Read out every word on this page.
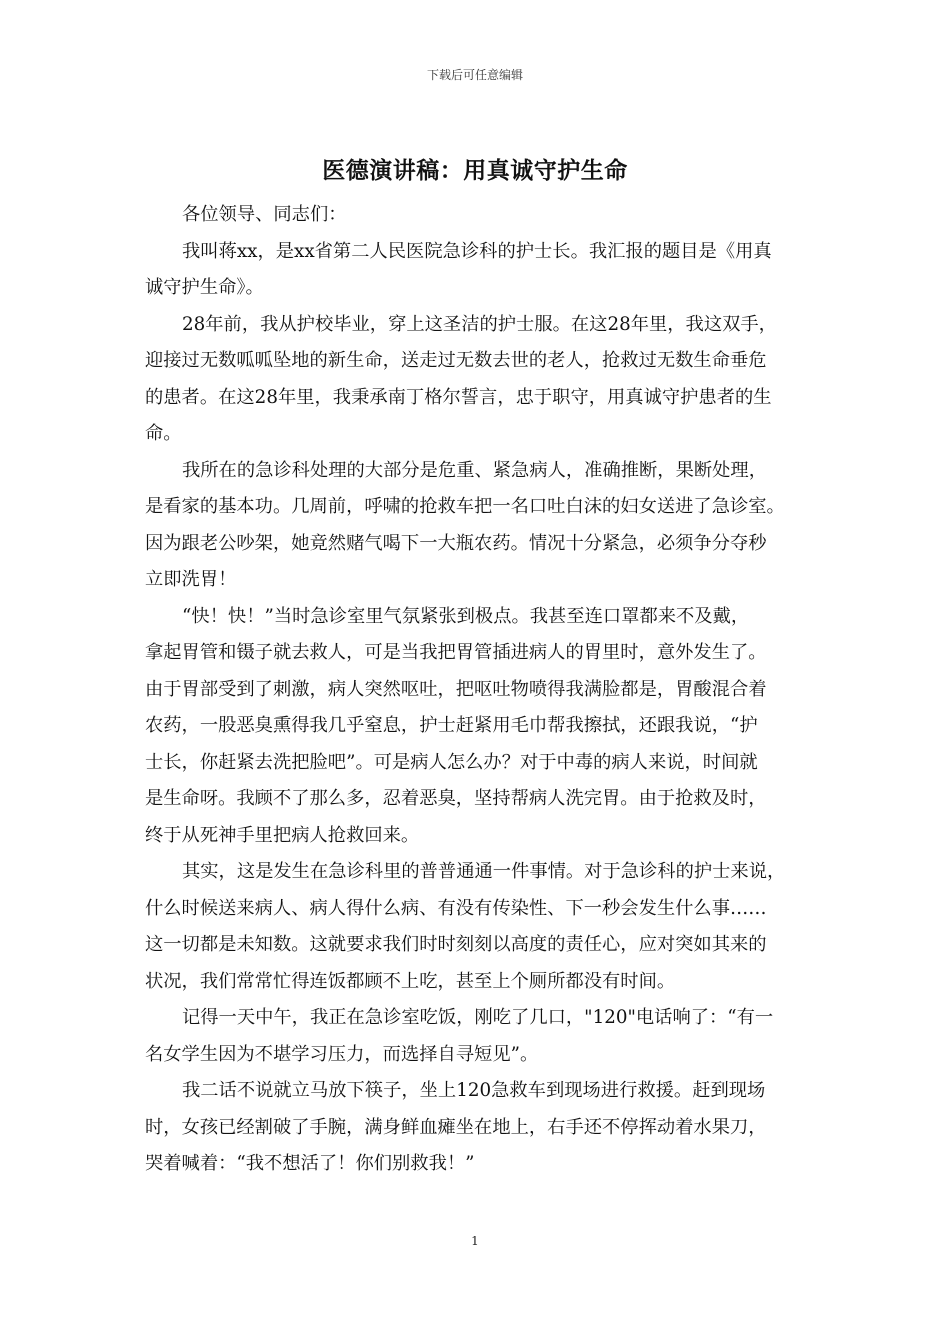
下载后可任意编辑
医德演讲稿：用真诚守护生命
各位领导、同志们：
我叫蒋xx，是xx省第二人民医院急诊科的护士长。我汇报的题目是《用真
诚守护生命》。
28年前，我从护校毕业，穿上这圣洁的护士服。在这28年里，我这双手，
迎接过无数呱呱坠地的新生命，送走过无数去世的老人，抢救过无数生命垂危
的患者。在这28年里，我秉承南丁格尔誓言，忠于职守，用真诚守护患者的生
命。
我所在的急诊科处理的大部分是危重、紧急病人，准确推断，果断处理，
是看家的基本功。几周前，呼啸的抢救车把一名口吐白沫的妇女送进了急诊室。
因为跟老公吵架，她竟然赌气喝下一大瓶农药。情况十分紧急，必须争分夺秒
立即洗胃！
“快！快！”当时急诊室里气氛紧张到极点。我甚至连口罩都来不及戴，
拿起胃管和镊子就去救人，可是当我把胃管插进病人的胃里时，意外发生了。
由于胃部受到了刺激，病人突然呕吐，把呕吐物喷得我满脸都是，胃酸混合着
农药，一股恶臭熏得我几乎窒息，护士赶紧用毛巾帮我擦拭，还跟我说，“护
士长，你赶紧去洗把脸吧”。可是病人怎么办？对于中毒的病人来说，时间就
是生命呀。我顾不了那么多，忍着恶臭，坚持帮病人洗完胃。由于抢救及时，
终于从死神手里把病人抢救回来。
其实，这是发生在急诊科里的普普通通一件事情。对于急诊科的护士来说，
什么时候送来病人、病人得什么病、有没有传染性、下一秒会发生什么事……
这一切都是未知数。这就要求我们时时刻刻以高度的责任心，应对突如其来的
状况，我们常常忙得连饭都顾不上吃，甚至上个厕所都没有时间。
记得一天中午，我正在急诊室吃饭，刚吃了几口，"120"电话响了：“有一
名女学生因为不堪学习压力，而选择自寻短见”。
我二话不说就立马放下筷子，坐上120急救车到现场进行救援。赶到现场
时，女孩已经割破了手腕，满身鲜血瘫坐在地上，右手还不停挥动着水果刀，
哭着喊着：“我不想活了！你们别救我！”
1
